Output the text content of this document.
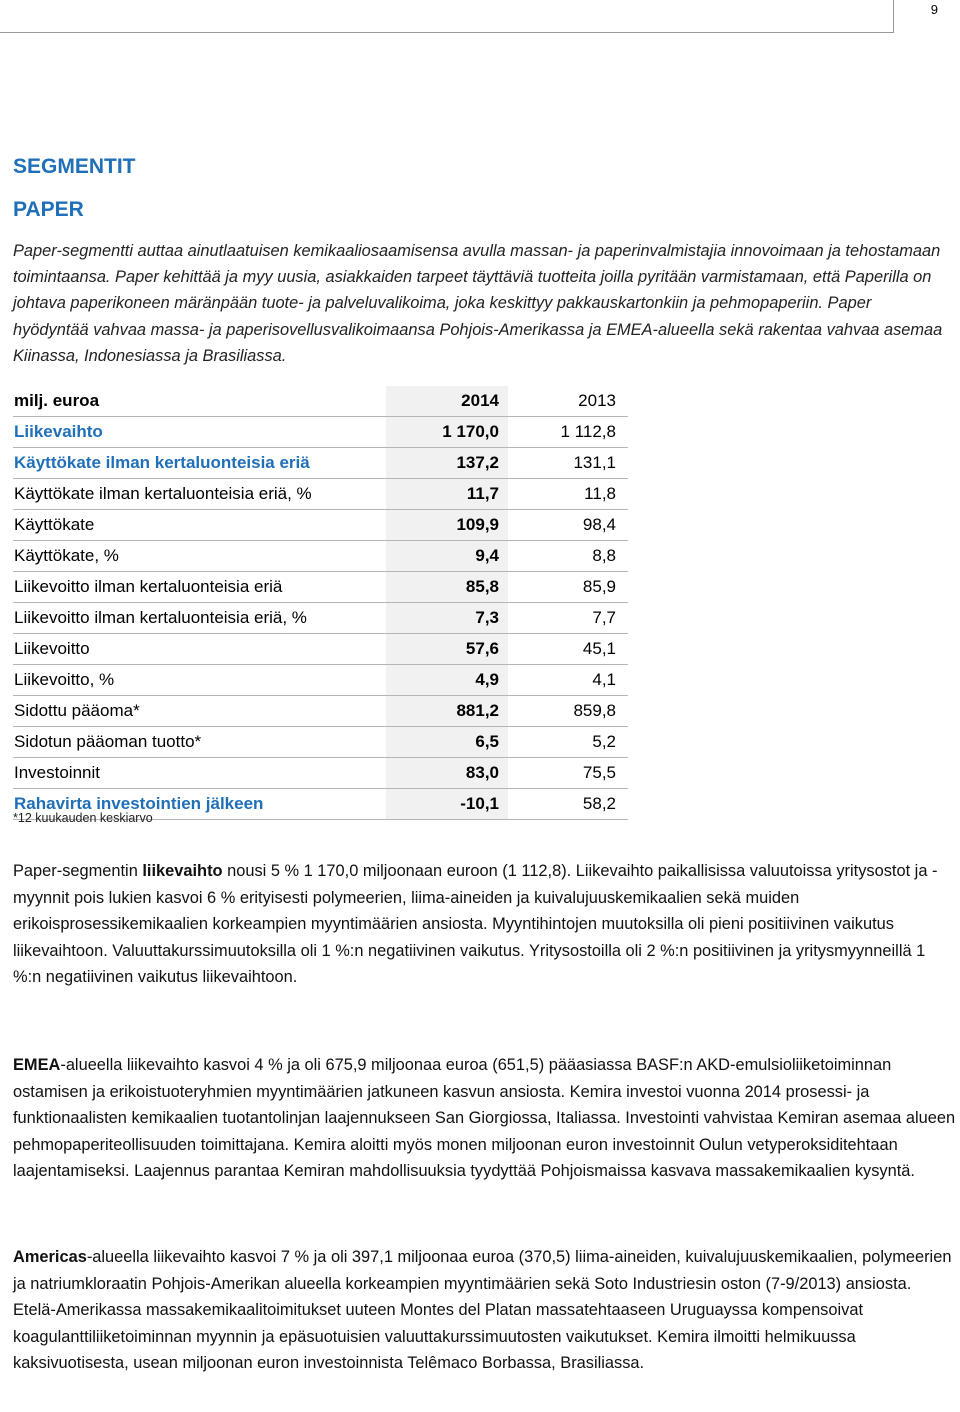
9
SEGMENTIT
PAPER

Paper-segmentti auttaa ainutlaatuisen kemikaaliosaamisensa avulla massan- ja paperinvalmistajia innovoimaan ja tehostamaan toimintaansa. Paper kehittää ja myy uusia, asiakkaiden tarpeet täyttäviä tuotteita joilla pyritään varmistamaan, että Paperilla on johtava paperikoneen märänpään tuote- ja palveluvalikoima, joka keskittyy pakkauskartonkiin ja pehmopaperiin. Paper hyödyntää vahvaa massa- ja paperisovellusvalikoimaansa Pohjois-Amerikassa ja EMEA-alueella sekä rakentaa vahvaa asemaa Kiinassa, Indonesiassa ja Brasiliassa.

milj. euroa	2014	2013
Liikevaihto	1 170,0	1 112,8
Käyttökate ilman kertaluonteisia eriä	137,2	131,1
Käyttökate ilman kertaluonteisia eriä, %	11,7	11,8
Käyttökate	109,9	98,4
Käyttökate, %	9,4	8,8
Liikevoitto ilman kertaluonteisia eriä	85,8	85,9
Liikevoitto ilman kertaluonteisia eriä, %	7,3	7,7
Liikevoitto	57,6	45,1
Liikevoitto, %	4,9	4,1
Sidottu pääoma*	881,2	859,8
Sidotun pääoman tuotto*	6,5	5,2
Investoinnit	83,0	75,5
Rahavirta investointien jälkeen	-10,1	58,2
*12 kuukauden keskiarvo

Paper-segmentin liikevaihto nousi 5 % 1 170,0 miljoonaan euroon (1 112,8). Liikevaihto paikallisissa valuutoissa yritysostot ja -myynnit pois lukien kasvoi 6 % erityisesti polymeerien, liima-aineiden ja kuivalujuuskemikaalien sekä muiden erikoisprosessikemikaalien korkeampien myyntimäärien ansiosta. Myyntihintojen muutoksilla oli pieni positiivinen vaikutus liikevaihtoon. Valuuttakurssimuutoksilla oli 1 %:n negatiivinen vaikutus. Yritysostoilla oli 2 %:n positiivinen ja yritysmyynneillä 1 %:n negatiivinen vaikutus liikevaihtoon.

EMEA-alueella liikevaihto kasvoi 4 % ja oli 675,9 miljoonaa euroa (651,5) pääasiassa BASF:n AKD-emulsioliiketoiminnan ostamisen ja erikoistuoteryhmien myyntimäärien jatkuneen kasvun ansiosta. Kemira investoi vuonna 2014 prosessi- ja funktionaalisten kemikaalien tuotantolinjan laajennukseen San Giorgiossa, Italiassa. Investointi vahvistaa Kemiran asemaa alueen pehmopaperiteollisuuden toimittajana. Kemira aloitti myös monen miljoonan euron investoinnit Oulun vetyperoksiditehtaan laajentamiseksi. Laajennus parantaa Kemiran mahdollisuuksia tyydyttää Pohjoismaissa kasvava massakemikaalien kysyntä.

Americas-alueella liikevaihto kasvoi 7 % ja oli 397,1 miljoonaa euroa (370,5) liima-aineiden, kuivalujuuskemikaalien, polymeerien ja natriumkloraatin Pohjois-Amerikan alueella korkeampien myyntimäärien sekä Soto Industriesin oston (7-9/2013) ansiosta. Etelä-Amerikassa massakemikaalitoimitukset uuteen Montes del Platan massatehtaaseen Uruguayssa kompensoivat koagulanttiliiketoiminnan myynnin ja epäsuotuisien valuuttakurssimuutosten vaikutukset. Kemira ilmoitti helmikuussa kaksivuotisesta, usean miljoonan euron investoinnista Telêmaco Borbassa, Brasiliassa.
